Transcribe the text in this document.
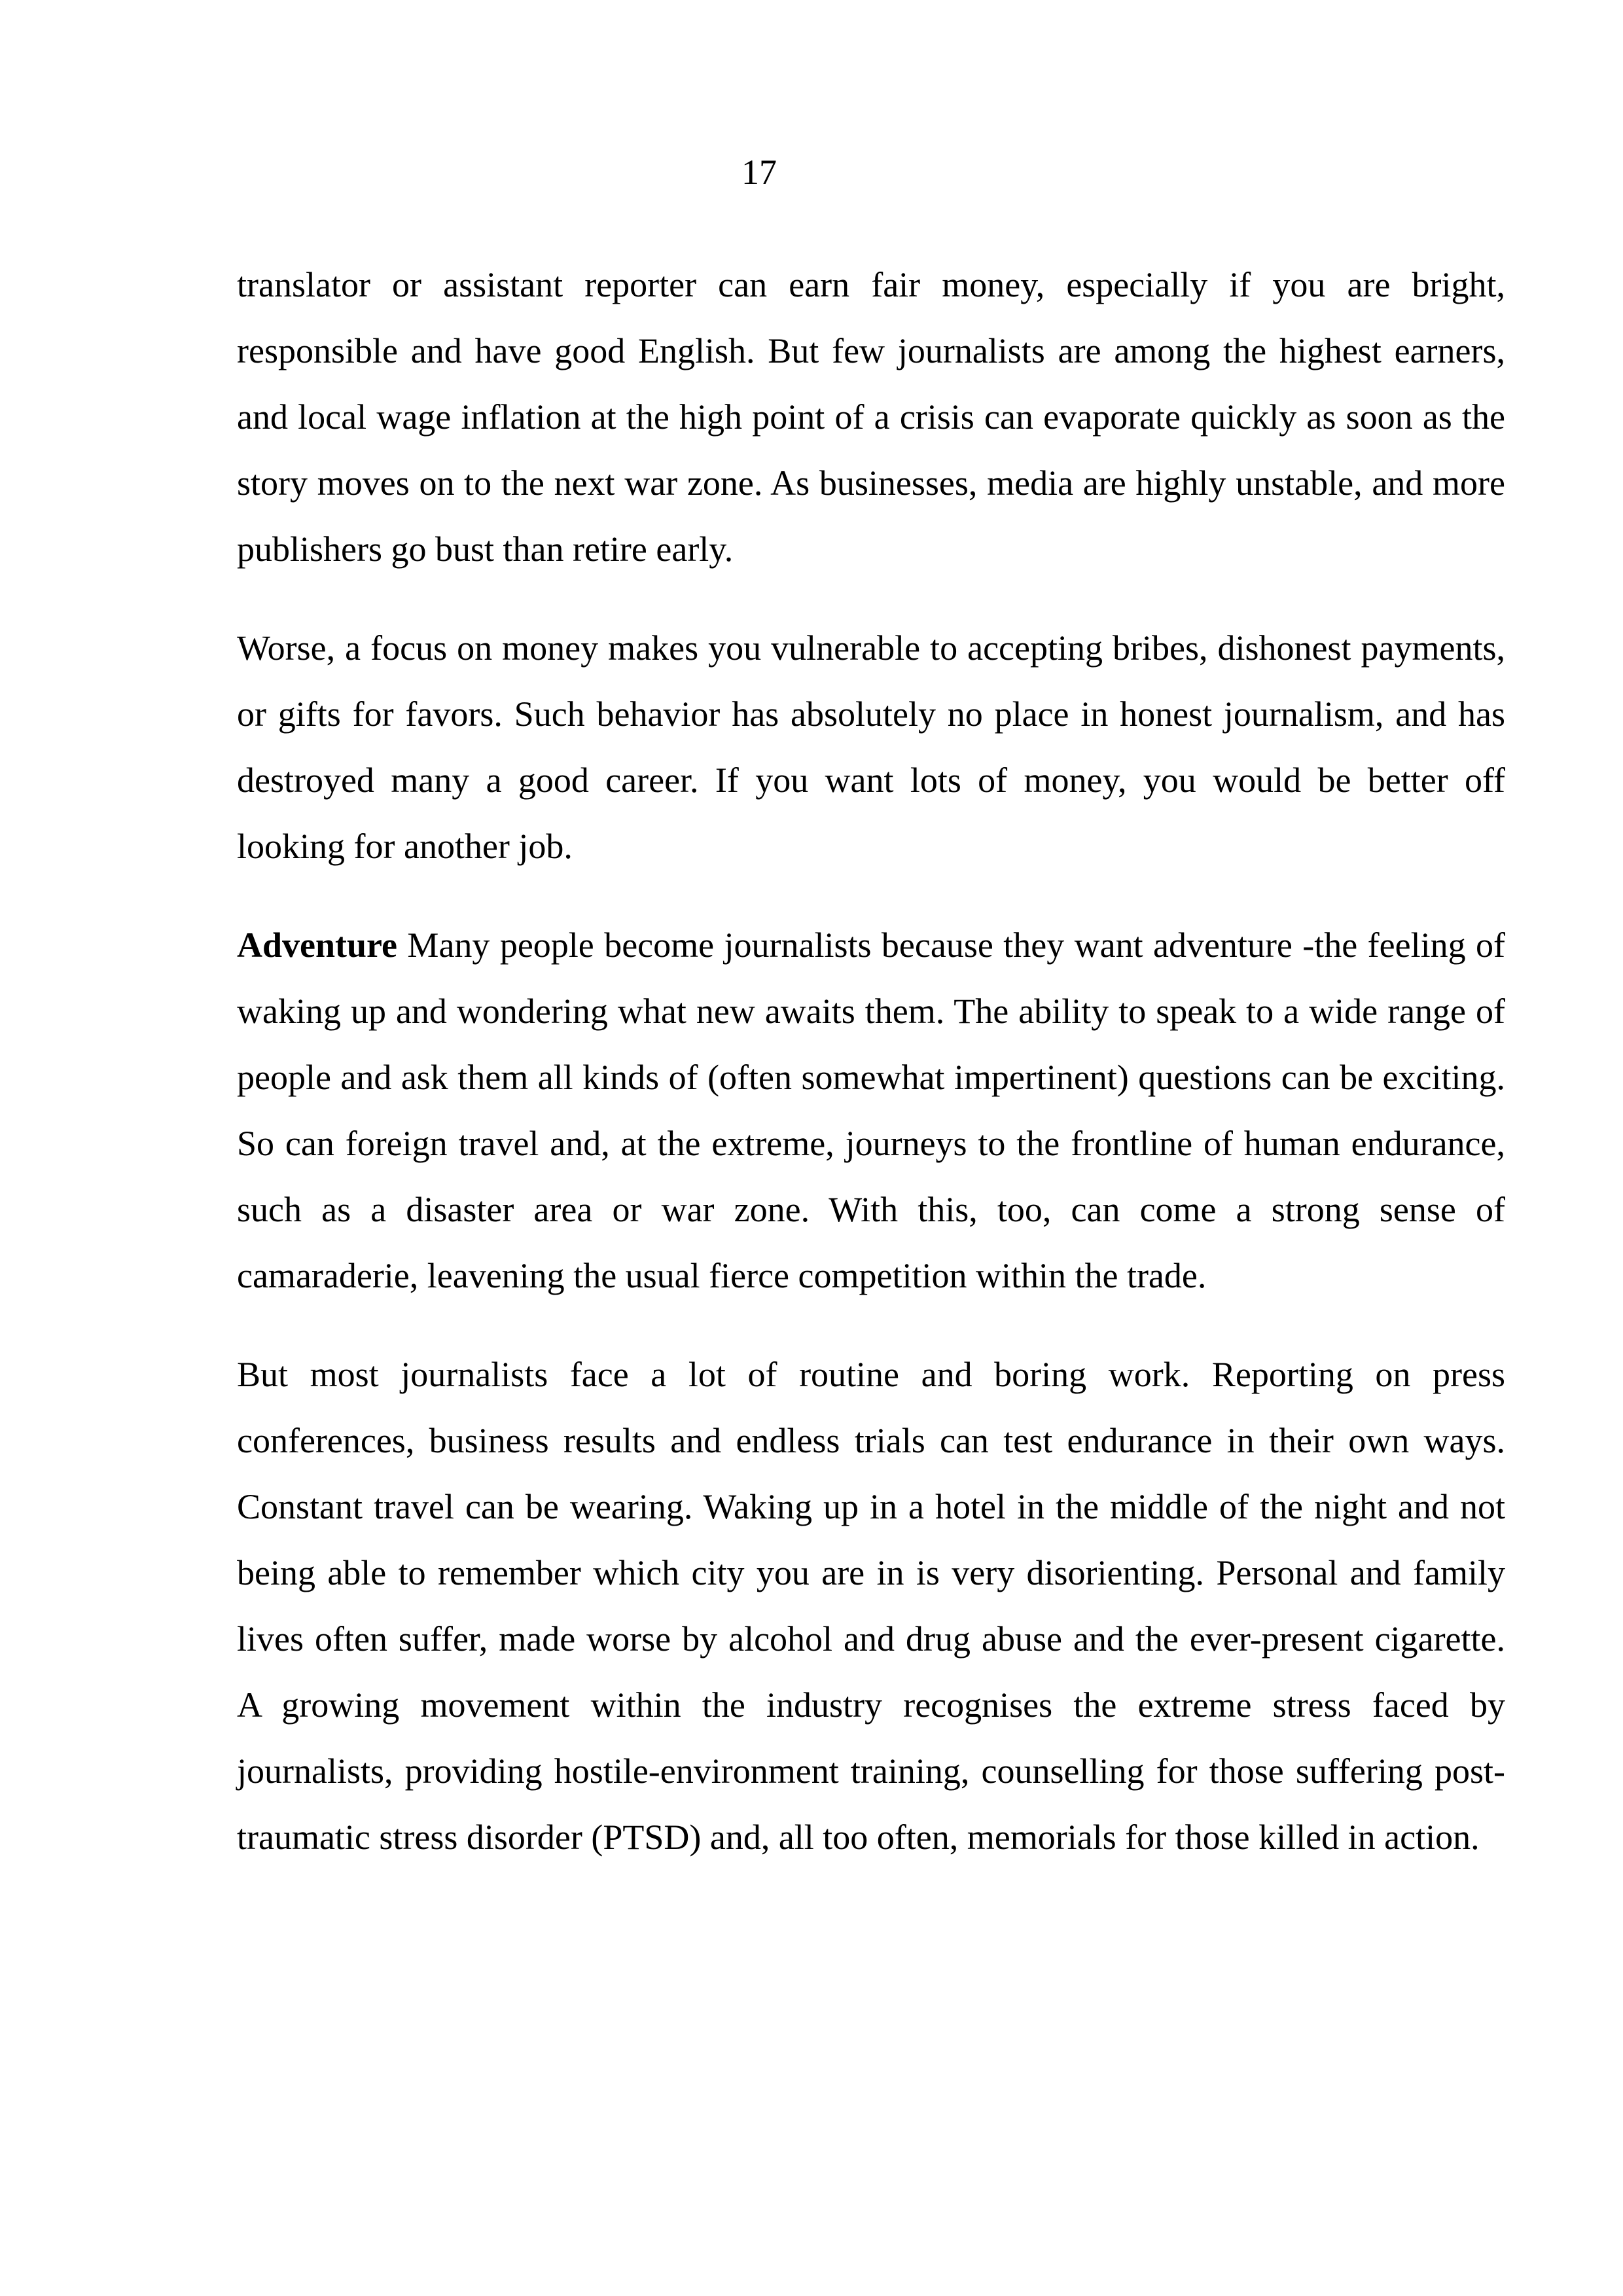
17

translator or assistant reporter can earn fair money, especially if you are bright, responsible and have good English. But few journalists are among the highest earners, and local wage inflation at the high point of a crisis can evaporate quickly as soon as the story moves on to the next war zone. As businesses, media are highly unstable, and more publishers go bust than retire early.

Worse, a focus on money makes you vulnerable to accepting bribes, dishonest payments, or gifts for favors. Such behavior has absolutely no place in honest journalism, and has destroyed many a good career. If you want lots of money, you would be better off looking for another job.

Adventure Many people become journalists because they want adventure -the feeling of waking up and wondering what new awaits them. The ability to speak to a wide range of people and ask them all kinds of (often somewhat impertinent) questions can be exciting. So can foreign travel and, at the extreme, journeys to the frontline of human endurance, such as a disaster area or war zone. With this, too, can come a strong sense of camaraderie, leavening the usual fierce competition within the trade.

But most journalists face a lot of routine and boring work. Reporting on press conferences, business results and endless trials can test endurance in their own ways. Constant travel can be wearing. Waking up in a hotel in the middle of the night and not being able to remember which city you are in is very disorienting. Personal and family lives often suffer, made worse by alcohol and drug abuse and the ever-present cigarette. A growing movement within the industry recognises the extreme stress faced by journalists, providing hostile-environment training, counselling for those suffering post-traumatic stress disorder (PTSD) and, all too often, memorials for those killed in action.
